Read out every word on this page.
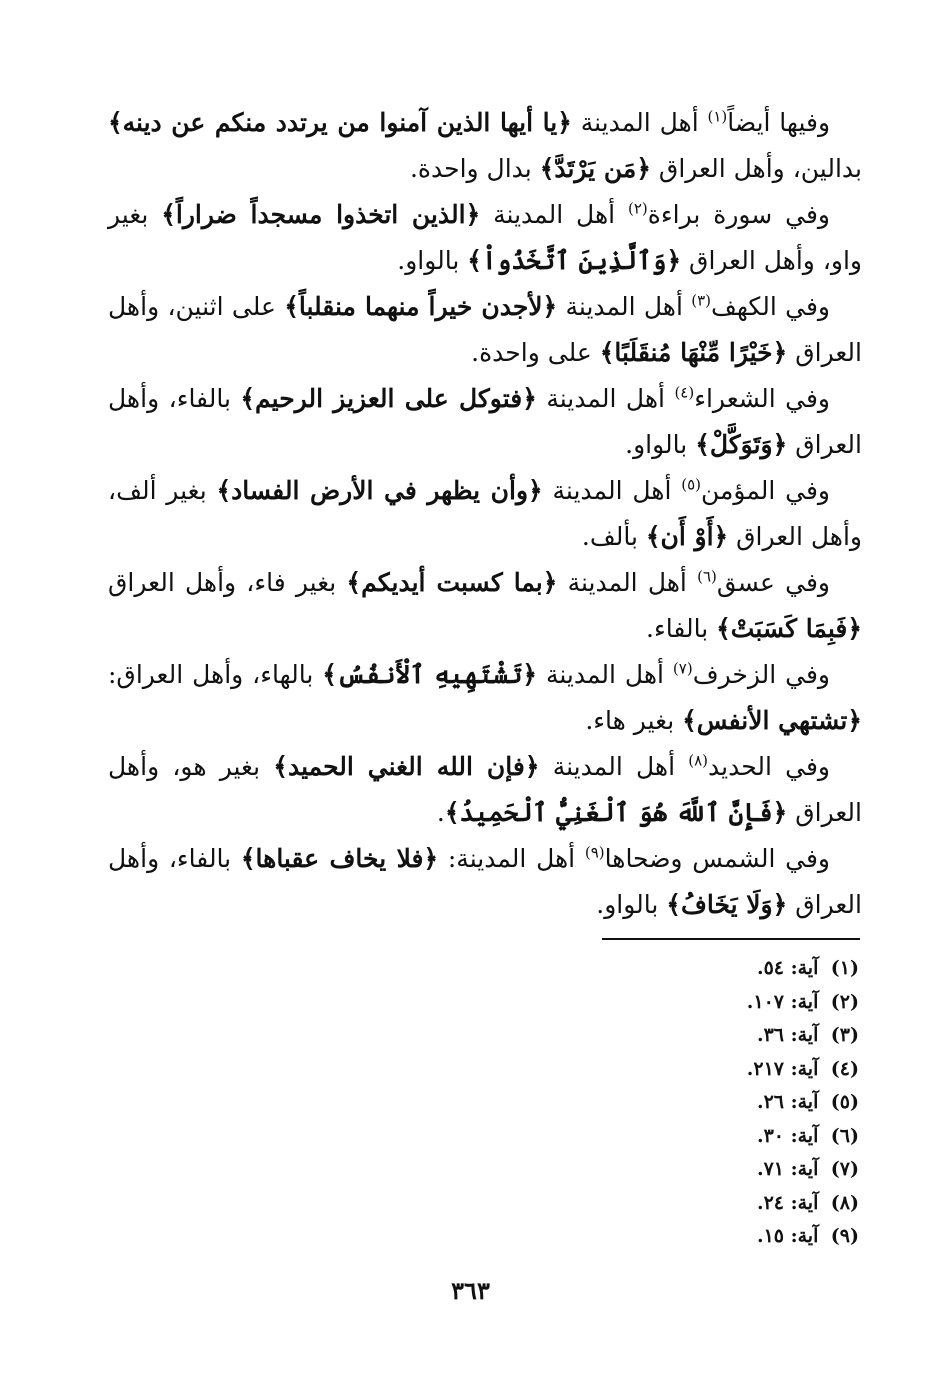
وفيها أيضاً$^{(١)}$ أهل المدينة ﴿ يا أيها الذين آمنوا من يرتدد منكم عن دينه ﴾ بدالين، وأهل العراق ﴿ مَن يَرْتَدَّ ﴾ بدال واحدة.

وفي سورة براءة$^{(٢)}$ أهل المدينة ﴿ الذين اتخذوا مسجداً ضراراً ﴾ بغير واو، وأهل العراق ﴿ وَٱلَّذِينَ ٱتَّخَذُواْ ﴾ بالواو.

وفي الكهف$^{(٣)}$ أهل المدينة ﴿ لأجدن خيراً منهما منقلباً ﴾ على اثنين، وأهل العراق ﴿ خَيْرًا مِّنْهَا مُنقَلَبًا ﴾ على واحدة.

وفي الشعراء$^{(٤)}$ أهل المدينة ﴿ فتوكل على العزيز الرحيم ﴾ بالفاء، وأهل العراق ﴿ وَتَوَكَّلْ ﴾ بالواو.

وفي المؤمن$^{(٥)}$ أهل المدينة ﴿ وأن يظهر في الأرض الفساد ﴾ بغير ألف، وأهل العراق ﴿ أَوْ أَن ﴾ بألف.

وفي عسق$^{(٦)}$ أهل المدينة ﴿ بما كسبت أيديكم ﴾ بغير فاء، وأهل العراق ﴿ فَبِمَا كَسَبَتْ ﴾ بالفاء.

وفي الزخرف$^{(٧)}$ أهل المدينة ﴿ تَشْتَهِيهِ ٱلْأَنفُسُ ﴾ بالهاء، وأهل العراق: ﴿ تشتهي الأنفس ﴾ بغير هاء.

وفي الحديد$^{(٨)}$ أهل المدينة ﴿ فإن الله الغني الحميد ﴾ بغير هو، وأهل العراق ﴿ فَإِنَّ ٱللَّهَ هُوَ ٱلْغَنِيُّ ٱلْحَمِيدُ ﴾.

وفي الشمس وضحاها$^{(٩)}$ أهل المدينة: ﴿ فلا يخاف عقباها ﴾ بالفاء، وأهل العراق ﴿ وَلَا يَخَافُ ﴾ بالواو.

(١) آية: ٥٤.
(٢) آية: ١٠٧.
(٣) آية: ٣٦.
(٤) آية: ٢١٧.
(٥) آية: ٢٦.
(٦) آية: ٣٠.
(٧) آية: ٧١.
(٨) آية: ٢٤.
(٩) آية: ١٥.
٣٦٣
